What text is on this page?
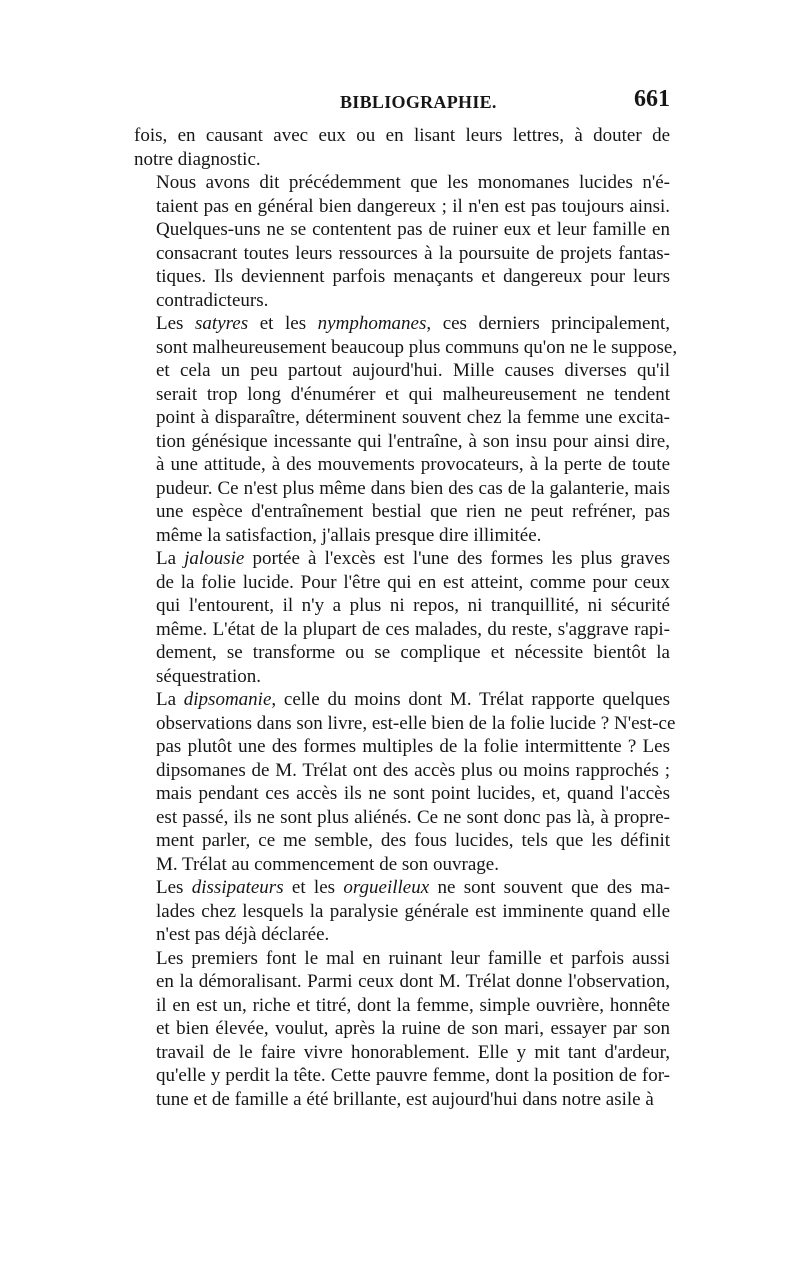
BIBLIOGRAPHIE.	661
fois, en causant avec eux ou en lisant leurs lettres, à douter de
notre diagnostic.
Nous avons dit précédemment que les monomanes lucides n'é-
taient pas en général bien dangereux ; il n'en est pas toujours ainsi.
Quelques-uns ne se contentent pas de ruiner eux et leur famille en
consacrant toutes leurs ressources à la poursuite de projets fantas-
tiques. Ils deviennent parfois menaçants et dangereux pour leurs
contradicteurs.
Les satyres et les nymphomanes, ces derniers principalement,
sont malheureusement beaucoup plus communs qu'on ne le suppose,
et cela un peu partout aujourd'hui. Mille causes diverses qu'il
serait trop long d'énumérer et qui malheureusement ne tendent
point à disparaître, déterminent souvent chez la femme une excita-
tion génésique incessante qui l'entraîne, à son insu pour ainsi dire,
à une attitude, à des mouvements provocateurs, à la perte de toute
pudeur. Ce n'est plus même dans bien des cas de la galanterie, mais
une espèce d'entraînement bestial que rien ne peut refréner, pas
même la satisfaction, j'allais presque dire illimitée.
La jalousie portée à l'excès est l'une des formes les plus graves
de la folie lucide. Pour l'être qui en est atteint, comme pour ceux
qui l'entourent, il n'y a plus ni repos, ni tranquillité, ni sécurité
même. L'état de la plupart de ces malades, du reste, s'aggrave rapi-
dement, se transforme ou se complique et nécessite bientôt la
séquestration.
La dipsomanie, celle du moins dont M. Trélat rapporte quelques
observations dans son livre, est-elle bien de la folie lucide ? N'est-ce
pas plutôt une des formes multiples de la folie intermittente ? Les
dipsomanes de M. Trélat ont des accès plus ou moins rapprochés ;
mais pendant ces accès ils ne sont point lucides, et, quand l'accès
est passé, ils ne sont plus aliénés. Ce ne sont donc pas là, à propre-
ment parler, ce me semble, des fous lucides, tels que les définit
M. Trélat au commencement de son ouvrage.
Les dissipateurs et les orgueilleux ne sont souvent que des ma-
lades chez lesquels la paralysie générale est imminente quand elle
n'est pas déjà déclarée.
Les premiers font le mal en ruinant leur famille et parfois aussi
en la démoralisant. Parmi ceux dont M. Trélat donne l'observation,
il en est un, riche et titré, dont la femme, simple ouvrière, honnête
et bien élevée, voulut, après la ruine de son mari, essayer par son
travail de le faire vivre honorablement. Elle y mit tant d'ardeur,
qu'elle y perdit la tête. Cette pauvre femme, dont la position de for-
tune et de famille a été brillante, est aujourd'hui dans notre asile à
